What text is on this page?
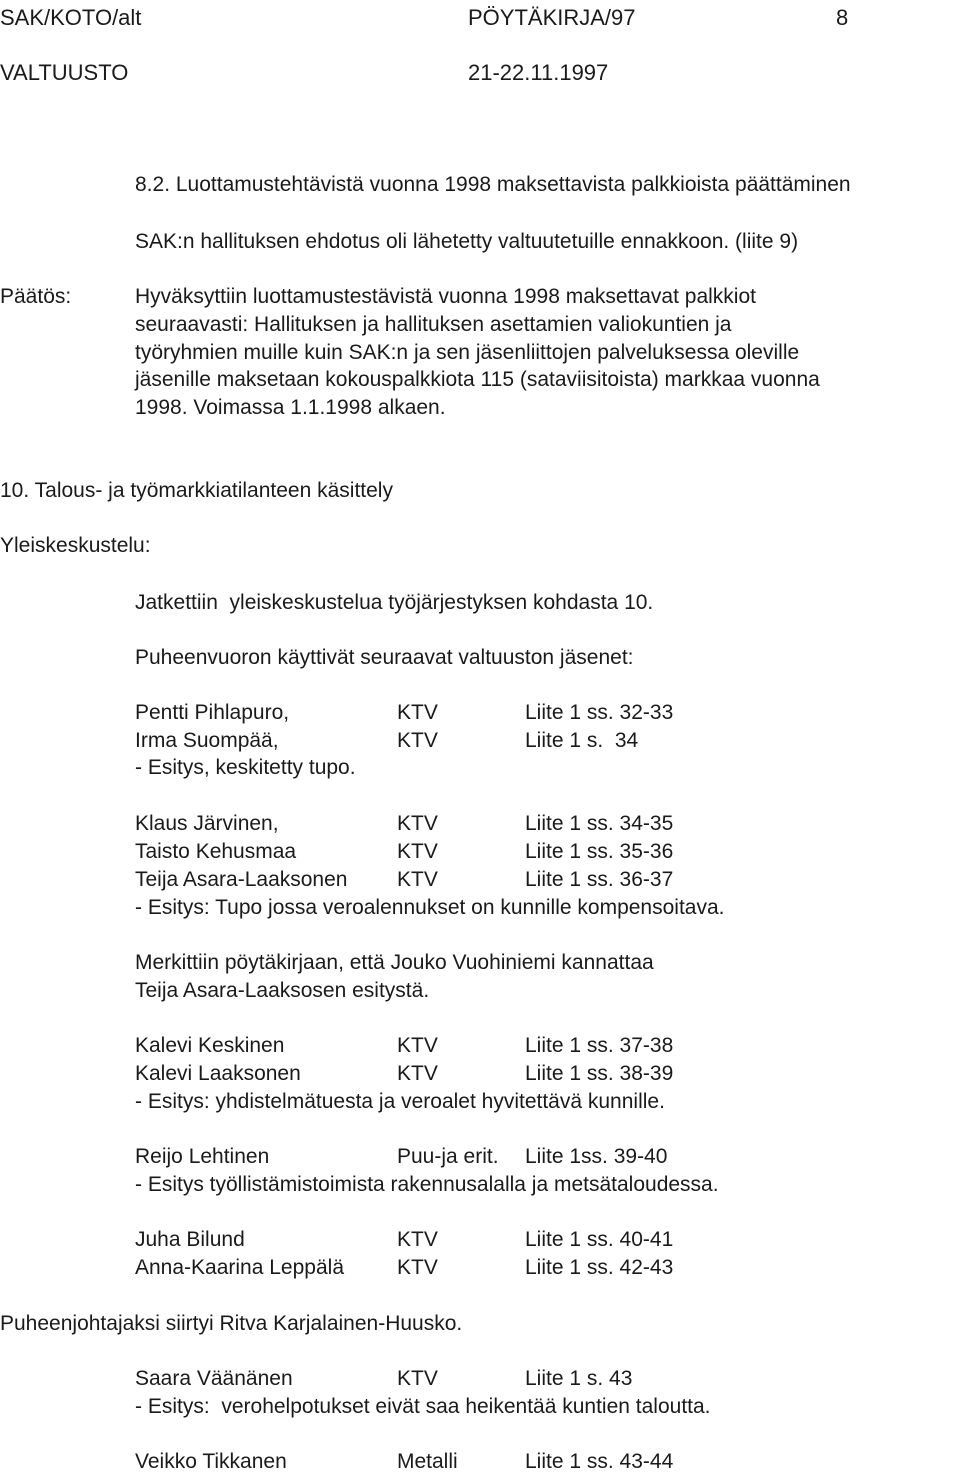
SAK/KOTO/alt	PÖYTÄKIRJA/97	8
VALTUUSTO	21-22.11.1997
8.2. Luottamustehtävistä vuonna 1998 maksettavista palkkioista päättäminen
SAK:n hallituksen ehdotus oli lähetetty valtuutetuille ennakkoon. (liite 9)
Päätös:	Hyväksyttiin luottamustestävistä vuonna 1998 maksettavat palkkiot
seuraavasti: Hallituksen ja hallituksen asettamien valiokuntien ja
työryhmien muille kuin SAK:n ja sen jäsenliittojen palveluksessa oleville
jäsenille maksetaan kokouspalkkiota 115 (sataviisitoista) markkaa vuonna
1998. Voimassa 1.1.1998 alkaen.
10. Talous- ja työmarkkiatilanteen käsittely
Yleiskeskustelu:
Jatkettiin  yleiskeskustelua työjärjestyksen kohdasta 10.
Puheenvuoron käyttivät seuraavat valtuuston jäsenet:
Pentti Pihlapuro,	KTV	Liite 1 ss. 32-33
Irma Suompää,	KTV	Liite 1 s.  34
- Esitys, keskitetty tupo.
Klaus Järvinen,	KTV	Liite 1 ss. 34-35
Taisto Kehusmaa	KTV	Liite 1 ss. 35-36
Teija Asara-Laaksonen KTV	Liite 1 ss. 36-37
- Esitys: Tupo jossa veroalennukset on kunnille kompensoitava.
Merkittiin pöytäkirjaan, että Jouko Vuohiniemi kannattaa
Teija Asara-Laaksosen esitystä.
Kalevi Keskinen	KTV	Liite 1 ss. 37-38
Kalevi Laaksonen	KTV	Liite 1 ss. 38-39
- Esitys: yhdistelmätuesta ja veroalet hyvitettävä kunnille.
Reijo Lehtinen	Puu-ja erit. Liite 1ss. 39-40
- Esitys työllistämistoimista rakennusalalla ja metsätaloudessa.
Juha Bilund	KTV	Liite 1 ss. 40-41
Anna-Kaarina Leppälä	KTV	Liite 1 ss. 42-43
Puheenjohtajaksi siirtyi Ritva Karjalainen-Huusko.
Saara Väänänen	KTV	Liite 1 s. 43
- Esitys:  verohelpotukset eivät saa heikentää kuntien taloutta.
Veikko Tikkanen	Metalli	Liite 1 ss. 43-44
